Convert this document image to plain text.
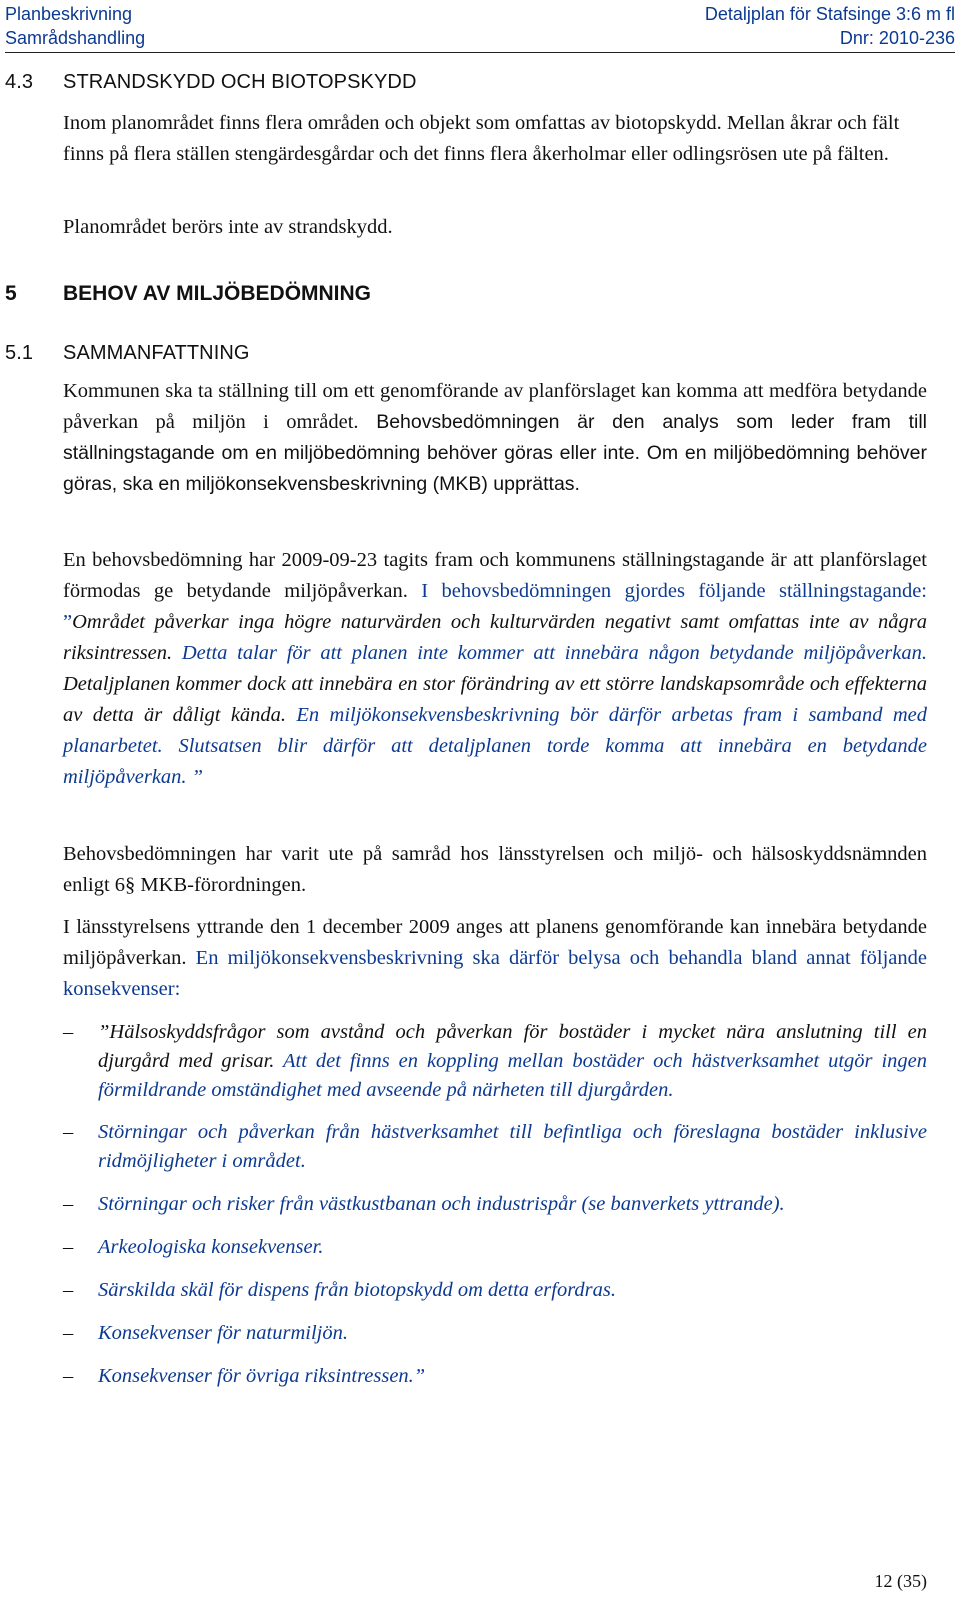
Planbeskrivning	Detaljplan för Stafsinge 3:6 m fl
Samrådshandling	Dnr: 2010-236
4.3 STRANDSKYDD OCH BIOTOPSKYDD
Inom planområdet finns flera områden och objekt som omfattas av biotopskydd. Mellan åkrar och fält finns på flera ställen stengärdesgårdar och det finns flera åkerholmar eller odlingsrösen ute på fälten.
Planområdet berörs inte av strandskydd.
5 BEHOV AV MILJÖBEDÖMNING
5.1 SAMMANFATTNING
Kommunen ska ta ställning till om ett genomförande av planförslaget kan komma att medföra betydande påverkan på miljön i området. Behovsbedömningen är den analys som leder fram till ställningstagande om en miljöbedömning behöver göras eller inte. Om en miljöbedömning behöver göras, ska en miljökonsekvensbeskrivning (MKB) upprättas.
En behovsbedömning har 2009-09-23 tagits fram och kommunens ställningstagande är att planförslaget förmodas ge betydande miljöpåverkan. I behovsbedömningen gjordes följande ställningstagande: ”Området påverkar inga högre naturvärden och kulturvärden negativt samt omfattas inte av några riksintressen. Detta talar för att planen inte kommer att innebära någon betydande miljöpåverkan. Detaljplanen kommer dock att innebära en stor förändring av ett större landskapsområde och effekterna av detta är dåligt kända. En miljökonsekvensbeskrivning bör därför arbetas fram i samband med planarbetet. Slutsatsen blir därför att detaljplanen torde komma att innebära en betydande miljöpåverkan. ”
Behovsbedömningen har varit ute på samråd hos länsstyrelsen och miljö- och hälsoskyddsnämnden enligt 6§ MKB-förordningen.
I länsstyrelsens yttrande den 1 december 2009 anges att planens genomförande kan innebära betydande miljöpåverkan. En miljökonsekvensbeskrivning ska därför belysa och behandla bland annat följande konsekvenser:
– ”Hälsoskyddsfrågor som avstånd och påverkan för bostäder i mycket nära anslutning till en djurgård med grisar. Att det finns en koppling mellan bostäder och hästverksamhet utgör ingen förmildrande omständighet med avseende på närheten till djurgården.
– Störningar och påverkan från hästverksamhet till befintliga och föreslagna bostäder inklusive ridmöjligheter i området.
– Störningar och risker från västkustbanan och industrispår (se banverkets yttrande).
– Arkeologiska konsekvenser.
– Särskilda skäl för dispens från biotopskydd om detta erfordras.
– Konsekvenser för naturmiljön.
– Konsekvenser för övriga riksintressen.”
12 (35)
